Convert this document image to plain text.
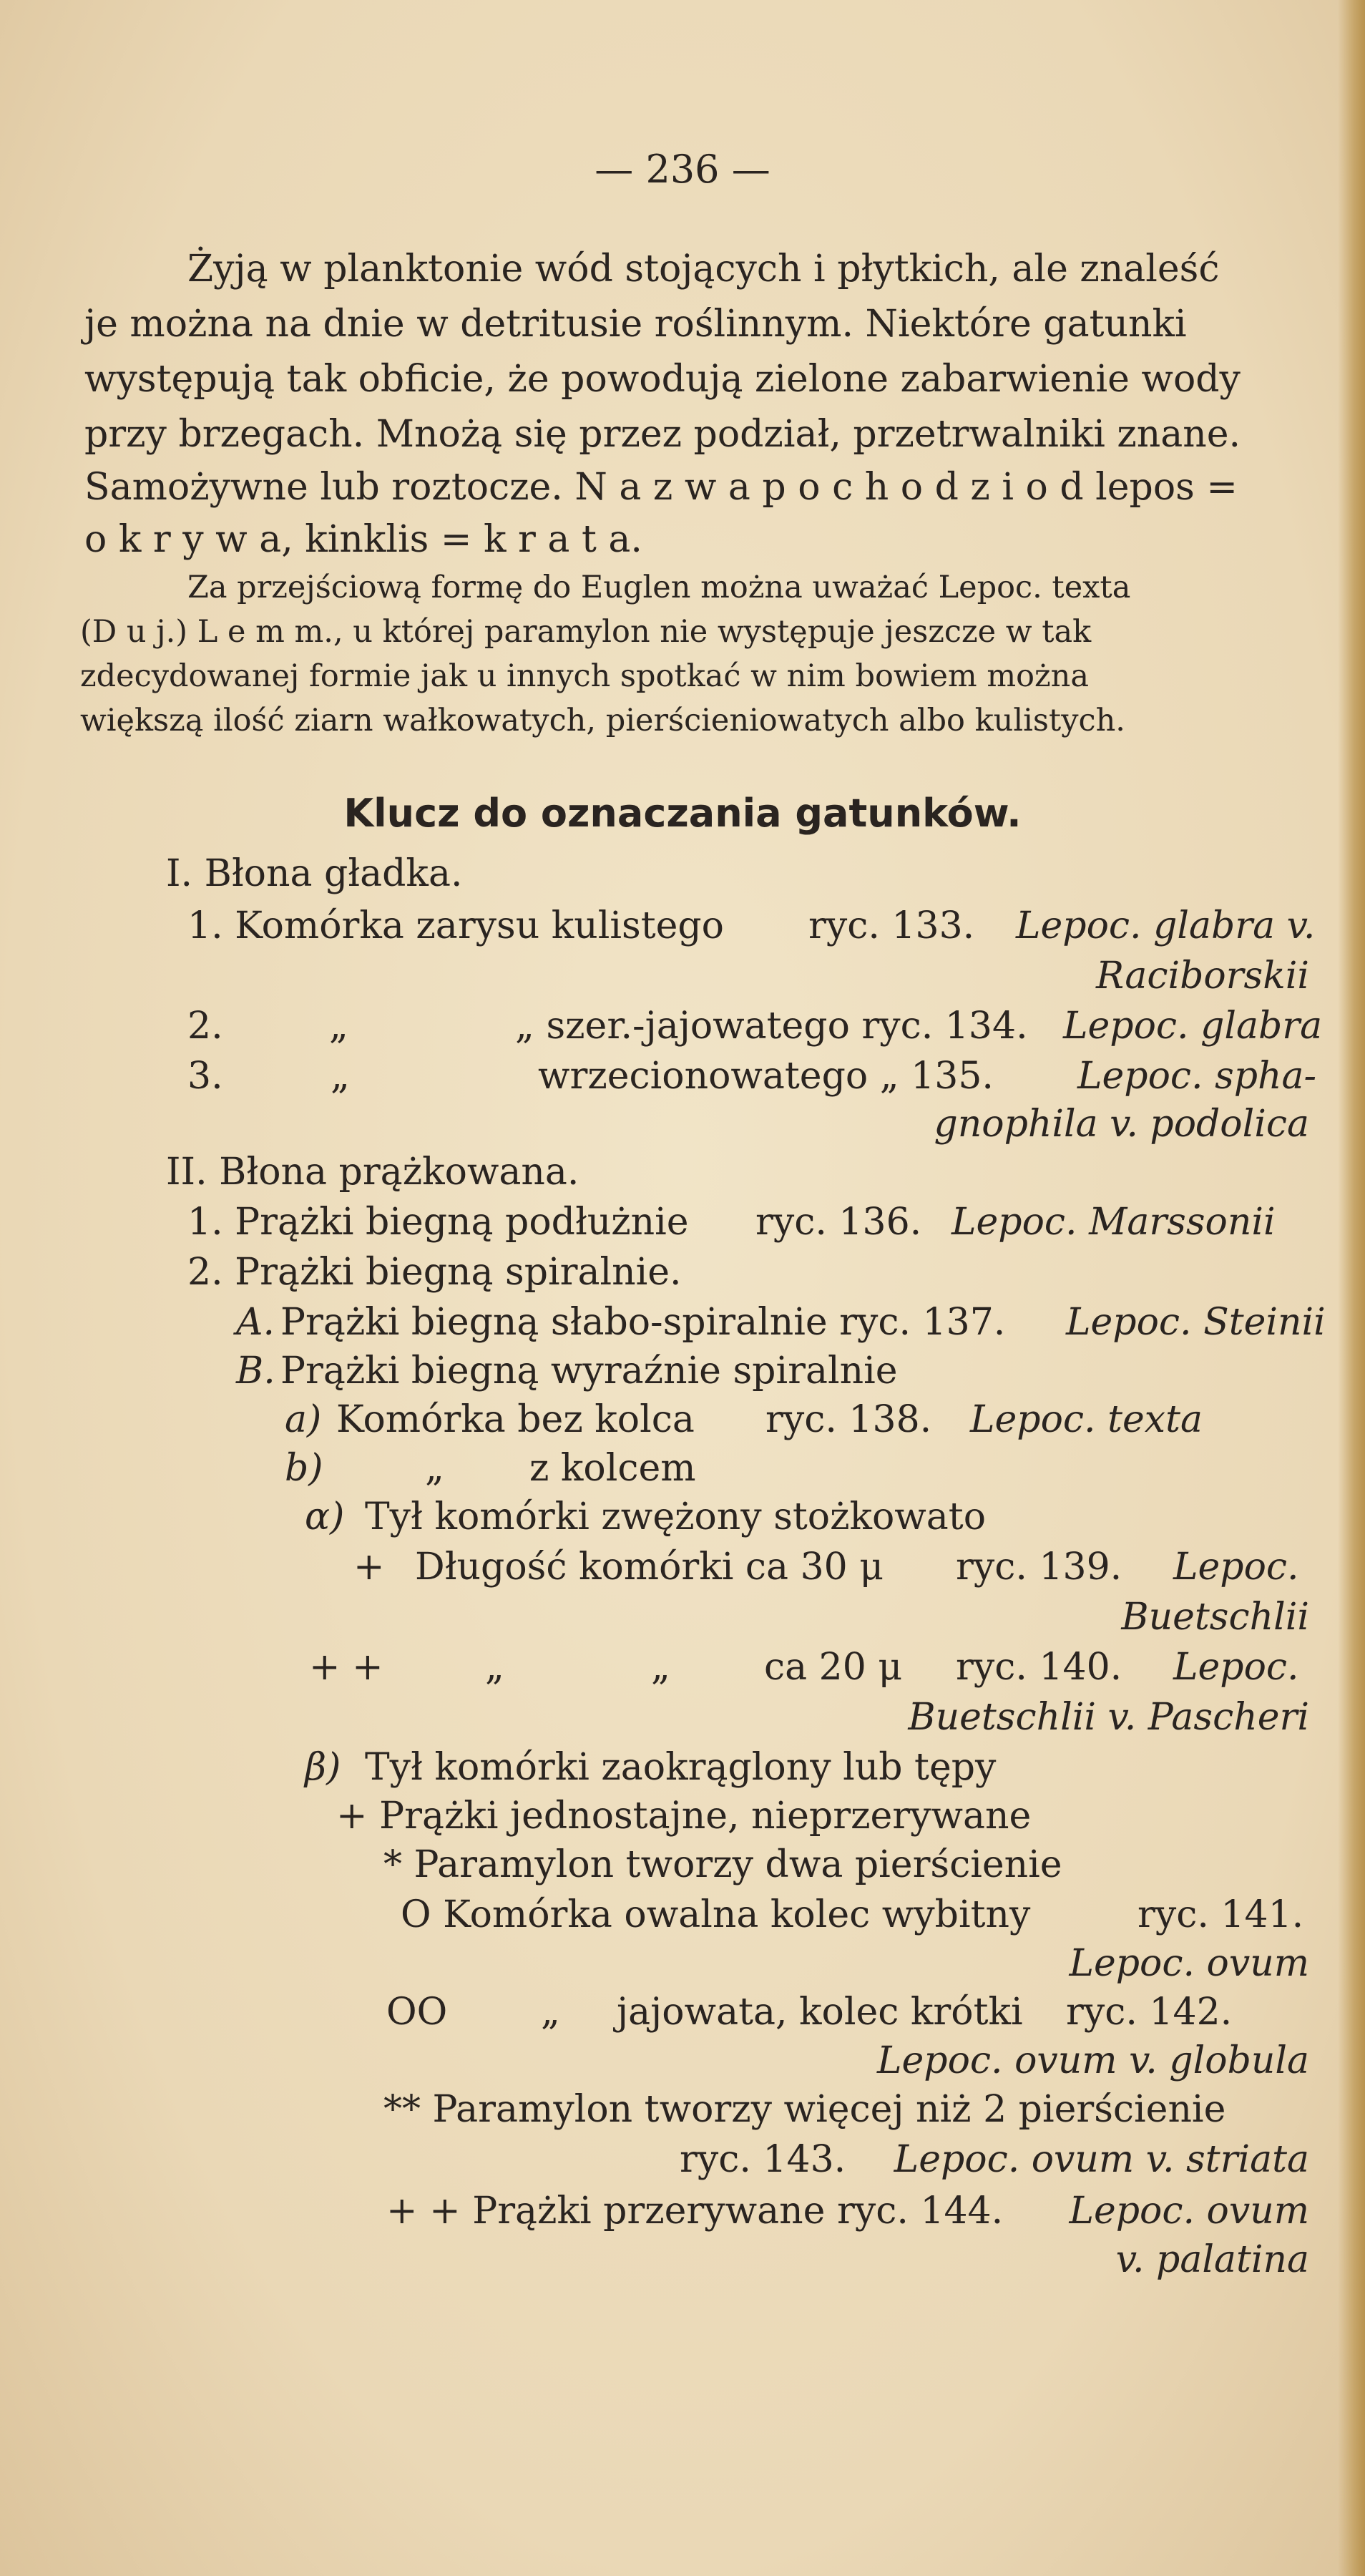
— 236 —
Żyją w planktonie wód stojących i płytkich, ale znaleść
je można na dnie w detritusie roślinnym. Niektóre gatunki
występują tak obficie, że powodują zielone zabarwienie wody
przy brzegach. Mnożą się przez podział, przetrwalniki znane.
Samożywne lub roztocze. N a z w a p o c h o d z i o d lepos =
o k r y w a, kinklis = k r a t a.
Za przejściową formę do Euglen można uważać Lepoc. texta
(D u j.) L e m m., u której paramylon nie występuje jeszcze w tak
zdecydowanej formie jak u innych spotkać w nim bowiem można
większą ilość ziarn wałkowatych, pierścieniowatych albo kulistych.
Klucz do oznaczania gatunków.
I. Błona gładka.
1. Komórka zarysu kulistego ryc. 133. Lepoc. glabra v.
Raciborskii
2.	„	„ szer.-jajowatego ryc. 134. Lepoc. glabra
3.	„	wrzecionowatego „ 135. Lepoc. spha-
gnophila v. podolica
II. Błona prążkowana.
1. Prążki biegną podłużnie ryc. 136. Lepoc. Marssonii
2. Prążki biegną spiralnie.
A. Prążki biegną słabo-spiralnie ryc. 137. Lepoc. Steinii
B. Prążki biegną wyraźnie spiralnie
a) Komórka bez kolca ryc. 138. Lepoc. texta
b)	„ z kolcem
α) Tył komórki zwężony stożkowato
+ Długość komórki ca 30 μ ryc. 139. Lepoc.
Buetschlii
+ +	„	„	ca 20 μ ryc. 140. Lepoc.
Buetschlii v. Pascheri
β) Tył komórki zaokrąglony lub tępy
+ Prążki jednostajne, nieprzerywane
* Paramylon tworzy dwa pierścienie
O Komórka owalna kolec wybitny	ryc. 141.
Lepoc. ovum
OO	„ jajowata, kolec krótki ryc. 142.
Lepoc. ovum v. globula
** Paramylon tworzy więcej niż 2 pierścienie
ryc. 143.	Lepoc. ovum v. striata
+ + Prążki przerywane ryc. 144.	Lepoc. ovum
v. palatina
